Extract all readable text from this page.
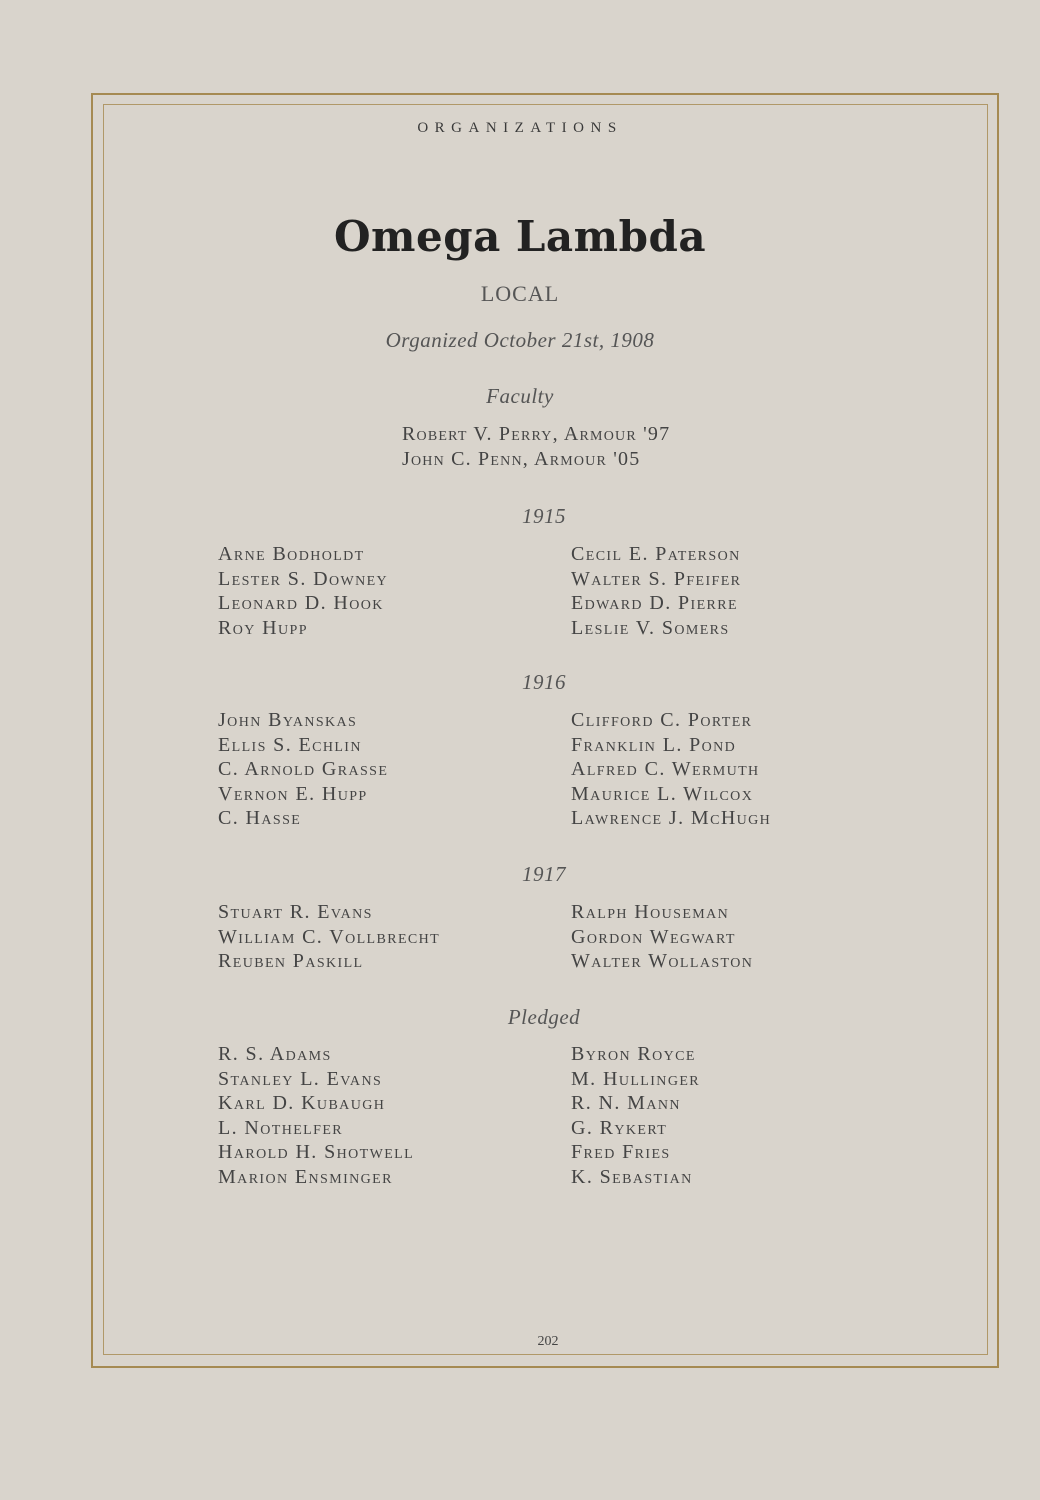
ORGANIZATIONS
Omega Lambda
LOCAL
Organized October 21st, 1908
Faculty
Robert V. Perry, Armour '97
John C. Penn, Armour '05
1915
Arne Bodholdt
Lester S. Downey
Leonard D. Hook
Roy Hupp
Cecil E. Paterson
Walter S. Pfeifer
Edward D. Pierre
Leslie V. Somers
1916
John Byanskas
Ellis S. Echlin
C. Arnold Grasse
Vernon E. Hupp
C. Hasse
Clifford C. Porter
Franklin L. Pond
Alfred C. Wermuth
Maurice L. Wilcox
Lawrence J. McHugh
1917
Stuart R. Evans
William C. Vollbrecht
Reuben Paskill
Ralph Houseman
Gordon Wegwart
Walter Wollaston
Pledged
R. S. Adams
Stanley L. Evans
Karl D. Kubaugh
L. Nothelfer
Harold H. Shotwell
Marion Ensminger
Byron Royce
M. Hullinger
R. N. Mann
G. Rykert
Fred Fries
K. Sebastian
202
